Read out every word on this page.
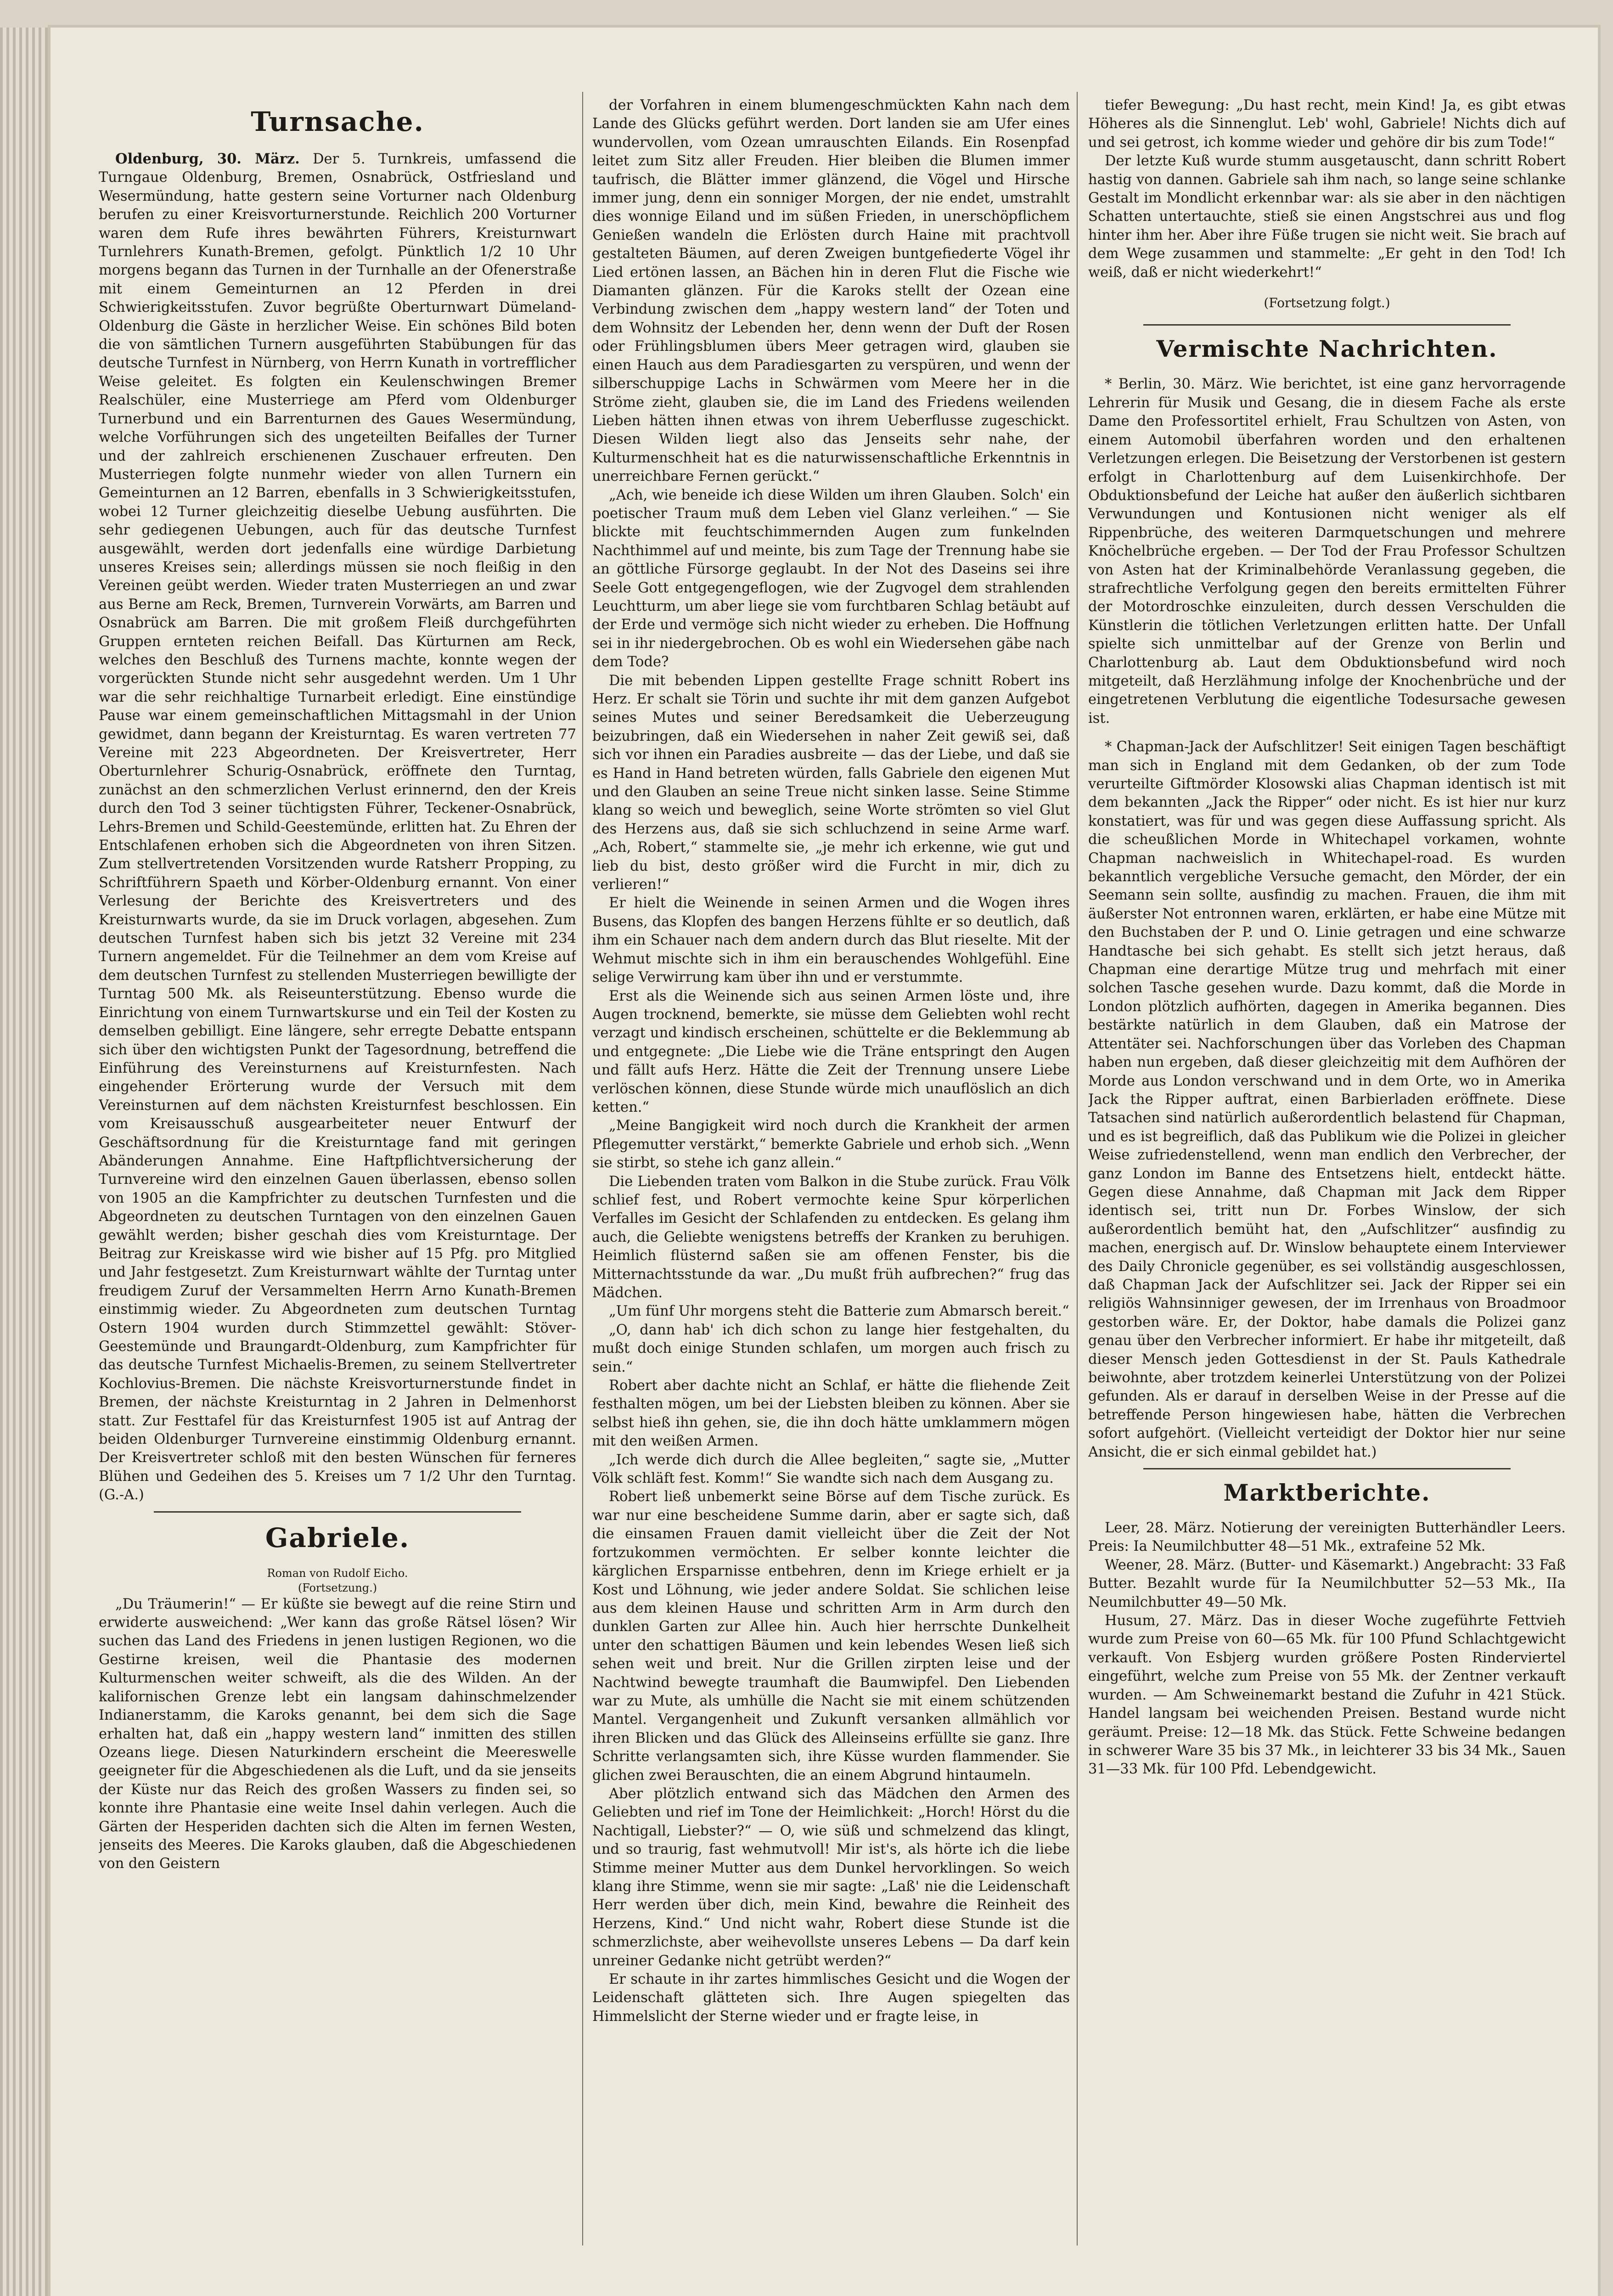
Turnsache.

Oldenburg, 30. März. Der 5. Turnkreis, umfassend die Turngaue Oldenburg, Bremen, Osnabrück, Ostfriesland und Wesermündung, hatte gestern seine Vorturner nach Oldenburg berufen zu einer Kreisvorturnerstunde. Reichlich 200 Vorturner waren dem Rufe ihres bewährten Führers, Kreisturnwart Turnlehrers Kunath-Bremen, gefolgt. Pünktlich 1/2 10 Uhr morgens begann das Turnen in der Turnhalle an der Ofenerstraße mit einem Gemeinturnen an 12 Pferden in drei Schwierigkeitsstufen. Zuvor begrüßte Oberturnwart Dümeland-Oldenburg die Gäste in herzlicher Weise. Ein schönes Bild boten die von sämtlichen Turnern ausgeführten Stabübungen für das deutsche Turnfest in Nürnberg, von Herrn Kunath in vortrefflicher Weise geleitet. Es folgten ein Keulenschwingen Bremer Realschüler, eine Musterriege am Pferd vom Oldenburger Turnerbund und ein Barrenturnen des Gaues Wesermündung, welche Vorführungen sich des ungeteilten Beifalles der Turner und der zahlreich erschienenen Zuschauer erfreuten. Den Musterriegen folgte nunmehr wieder von allen Turnern ein Gemeinturnen an 12 Barren, ebenfalls in 3 Schwierigkeitsstufen, wobei 12 Turner gleichzeitig dieselbe Uebung ausführten. Die sehr gediegenen Uebungen, auch für das deutsche Turnfest ausgewählt, werden dort jedenfalls eine würdige Darbietung unseres Kreises sein; allerdings müssen sie noch fleißig in den Vereinen geübt werden. Wieder traten Musterriegen an und zwar aus Berne am Reck, Bremen, Turnverein Vorwärts, am Barren und Osnabrück am Barren. Die mit großem Fleiß durchgeführten Gruppen ernteten reichen Beifall. Das Kürturnen am Reck, welches den Beschluß des Turnens machte, konnte wegen der vorgerückten Stunde nicht sehr ausgedehnt werden. Um 1 Uhr war die sehr reichhaltige Turnarbeit erledigt. Eine einstündige Pause war einem gemeinschaftlichen Mittagsmahl in der Union gewidmet, dann begann der Kreisturntag. Es waren vertreten 77 Vereine mit 223 Abgeordneten. Der Kreisvertreter, Herr Oberturnlehrer Schurig-Osnabrück, eröffnete den Turntag, zunächst an den schmerzlichen Verlust erinnernd, den der Kreis durch den Tod 3 seiner tüchtigsten Führer, Teckener-Osnabrück, Lehrs-Bremen und Schild-Geestemünde, erlitten hat. Zu Ehren der Entschlafenen erhoben sich die Abgeordneten von ihren Sitzen. Zum stellvertretenden Vorsitzenden wurde Ratsherr Propping, zu Schriftführern Spaeth und Körber-Oldenburg ernannt. Von einer Verlesung der Berichte des Kreisvertreters und des Kreisturnwarts wurde, da sie im Druck vorlagen, abgesehen. Zum deutschen Turnfest haben sich bis jetzt 32 Vereine mit 234 Turnern angemeldet. Für die Teilnehmer an dem vom Kreise auf dem deutschen Turnfest zu stellenden Musterriegen bewilligte der Turntag 500 Mk. als Reiseunterstützung. Ebenso wurde die Einrichtung von einem Turnwartskurse und ein Teil der Kosten zu demselben gebilligt. Eine längere, sehr erregte Debatte entspann sich über den wichtigsten Punkt der Tagesordnung, betreffend die Einführung des Vereinsturnens auf Kreisturnfesten. Nach eingehender Erörterung wurde der Versuch mit dem Vereinsturnen auf dem nächsten Kreisturnfest beschlossen. Ein vom Kreisausschuß ausgearbeiteter neuer Entwurf der Geschäftsordnung für die Kreisturntage fand mit geringen Abänderungen Annahme. Eine Haftpflichtversicherung der Turnvereine wird den einzelnen Gauen überlassen, ebenso sollen von 1905 an die Kampfrichter zu deutschen Turnfesten und die Abgeordneten zu deutschen Turntagen von den einzelnen Gauen gewählt werden; bisher geschah dies vom Kreisturntage. Der Beitrag zur Kreiskasse wird wie bisher auf 15 Pfg. pro Mitglied und Jahr festgesetzt. Zum Kreisturnwart wählte der Turntag unter freudigem Zuruf der Versammelten Herrn Arno Kunath-Bremen einstimmig wieder. Zu Abgeordneten zum deutschen Turntag Ostern 1904 wurden durch Stimmzettel gewählt: Stöver-Geestemünde und Braungardt-Oldenburg, zum Kampfrichter für das deutsche Turnfest Michaelis-Bremen, zu seinem Stellvertreter Kochlovius-Bremen. Die nächste Kreisvorturnerstunde findet in Bremen, der nächste Kreisturntag in 2 Jahren in Delmenhorst statt. Zur Festtafel für das Kreisturnfest 1905 ist auf Antrag der beiden Oldenburger Turnvereine einstimmig Oldenburg ernannt. Der Kreisvertreter schloß mit den besten Wünschen für ferneres Blühen und Gedeihen des 5. Kreises um 7 1/2 Uhr den Turntag. (G.-A.)

Gabriele.

Roman von Rudolf Eicho.

(Fortsetzung.)

„Du Träumerin!“ — Er küßte sie bewegt auf die reine Stirn und erwiderte ausweichend: „Wer kann das große Rätsel lösen? Wir suchen das Land des Friedens in jenen lustigen Regionen, wo die Gestirne kreisen, weil die Phantasie des modernen Kulturmenschen weiter schweift, als die des Wilden. An der kalifornischen Grenze lebt ein langsam dahinschmelzender Indianerstamm, die Karoks genannt, bei dem sich die Sage erhalten hat, daß ein „happy western land“ inmitten des stillen Ozeans liege. Diesen Naturkindern erscheint die Meereswelle geeigneter für die Abgeschiedenen als die Luft, und da sie jenseits der Küste nur das Reich des großen Wassers zu finden sei, so konnte ihre Phantasie eine weite Insel dahin verlegen. Auch die Gärten der Hesperiden dachten sich die Alten im fernen Westen, jenseits des Meeres. Die Karoks glauben, daß die Abgeschiedenen von den Geistern

der Vorfahren in einem blumengeschmückten Kahn nach dem Lande des Glücks geführt werden. Dort landen sie am Ufer eines wundervollen, vom Ozean umrauschten Eilands. Ein Rosenpfad leitet zum Sitz aller Freuden. Hier bleiben die Blumen immer taufrisch, die Blätter immer glänzend, die Vögel und Hirsche immer jung, denn ein sonniger Morgen, der nie endet, umstrahlt dies wonnige Eiland und im süßen Frieden, in unerschöpflichem Genießen wandeln die Erlösten durch Haine mit prachtvoll gestalteten Bäumen, auf deren Zweigen buntgefiederte Vögel ihr Lied ertönen lassen, an Bächen hin in deren Flut die Fische wie Diamanten glänzen. Für die Karoks stellt der Ozean eine Verbindung zwischen dem „happy western land“ der Toten und dem Wohnsitz der Lebenden her, denn wenn der Duft der Rosen oder Frühlingsblumen übers Meer getragen wird, glauben sie einen Hauch aus dem Paradiesgarten zu verspüren, und wenn der silberschuppige Lachs in Schwärmen vom Meere her in die Ströme zieht, glauben sie, die im Land des Friedens weilenden Lieben hätten ihnen etwas von ihrem Ueberflusse zugeschickt. Diesen Wilden liegt also das Jenseits sehr nahe, der Kulturmenschheit hat es die naturwissenschaftliche Erkenntnis in unerreichbare Fernen gerückt.“

„Ach, wie beneide ich diese Wilden um ihren Glauben. Solch' ein poetischer Traum muß dem Leben viel Glanz verleihen.“ — Sie blickte mit feuchtschimmernden Augen zum funkelnden Nachthimmel auf und meinte, bis zum Tage der Trennung habe sie an göttliche Fürsorge geglaubt. In der Not des Daseins sei ihre Seele Gott entgegengeflogen, wie der Zugvogel dem strahlenden Leuchtturm, um aber liege sie vom furchtbaren Schlag betäubt auf der Erde und vermöge sich nicht wieder zu erheben. Die Hoffnung sei in ihr niedergebrochen. Ob es wohl ein Wiedersehen gäbe nach dem Tode?

Die mit bebenden Lippen gestellte Frage schnitt Robert ins Herz. Er schalt sie Törin und suchte ihr mit dem ganzen Aufgebot seines Mutes und seiner Beredsamkeit die Ueberzeugung beizubringen, daß ein Wiedersehen in naher Zeit gewiß sei, daß sich vor ihnen ein Paradies ausbreite — das der Liebe, und daß sie es Hand in Hand betreten würden, falls Gabriele den eigenen Mut und den Glauben an seine Treue nicht sinken lasse. Seine Stimme klang so weich und beweglich, seine Worte strömten so viel Glut des Herzens aus, daß sie sich schluchzend in seine Arme warf. „Ach, Robert,“ stammelte sie, „je mehr ich erkenne, wie gut und lieb du bist, desto größer wird die Furcht in mir, dich zu verlieren!“

Er hielt die Weinende in seinen Armen und die Wogen ihres Busens, das Klopfen des bangen Herzens fühlte er so deutlich, daß ihm ein Schauer nach dem andern durch das Blut rieselte. Mit der Wehmut mischte sich in ihm ein berauschendes Wohlgefühl. Eine selige Verwirrung kam über ihn und er verstummte.

Erst als die Weinende sich aus seinen Armen löste und, ihre Augen trocknend, bemerkte, sie müsse dem Geliebten wohl recht verzagt und kindisch erscheinen, schüttelte er die Beklemmung ab und entgegnete: „Die Liebe wie die Träne entspringt den Augen und fällt aufs Herz. Hätte die Zeit der Trennung unsere Liebe verlöschen können, diese Stunde würde mich unauflöslich an dich ketten.“

„Meine Bangigkeit wird noch durch die Krankheit der armen Pflegemutter verstärkt,“ bemerkte Gabriele und erhob sich. „Wenn sie stirbt, so stehe ich ganz allein.“

Die Liebenden traten vom Balkon in die Stube zurück. Frau Völk schlief fest, und Robert vermochte keine Spur körperlichen Verfalles im Gesicht der Schlafenden zu entdecken. Es gelang ihm auch, die Geliebte wenigstens betreffs der Kranken zu beruhigen. Heimlich flüsternd saßen sie am offenen Fenster, bis die Mitternachtsstunde da war. „Du mußt früh aufbrechen?“ frug das Mädchen.

„Um fünf Uhr morgens steht die Batterie zum Abmarsch bereit.“

„O, dann hab' ich dich schon zu lange hier festgehalten, du mußt doch einige Stunden schlafen, um morgen auch frisch zu sein.“

Robert aber dachte nicht an Schlaf, er hätte die fliehende Zeit festhalten mögen, um bei der Liebsten bleiben zu können. Aber sie selbst hieß ihn gehen, sie, die ihn doch hätte umklammern mögen mit den weißen Armen.

„Ich werde dich durch die Allee begleiten,“ sagte sie, „Mutter Völk schläft fest. Komm!“ Sie wandte sich nach dem Ausgang zu.

Robert ließ unbemerkt seine Börse auf dem Tische zurück. Es war nur eine bescheidene Summe darin, aber er sagte sich, daß die einsamen Frauen damit vielleicht über die Zeit der Not fortzukommen vermöchten. Er selber konnte leichter die kärglichen Ersparnisse entbehren, denn im Kriege erhielt er ja Kost und Löhnung, wie jeder andere Soldat. Sie schlichen leise aus dem kleinen Hause und schritten Arm in Arm durch den dunklen Garten zur Allee hin. Auch hier herrschte Dunkelheit unter den schattigen Bäumen und kein lebendes Wesen ließ sich sehen weit und breit. Nur die Grillen zirpten leise und der Nachtwind bewegte traumhaft die Baumwipfel. Den Liebenden war zu Mute, als umhülle die Nacht sie mit einem schützenden Mantel. Vergangenheit und Zukunft versanken allmählich vor ihren Blicken und das Glück des Alleinseins erfüllte sie ganz. Ihre Schritte verlangsamten sich, ihre Küsse wurden flammender. Sie glichen zwei Berauschten, die an einem Abgrund hintaumeln.

Aber plötzlich entwand sich das Mädchen den Armen des Geliebten und rief im Tone der Heimlichkeit: „Horch! Hörst du die Nachtigall, Liebster?“ — O, wie süß und schmelzend das klingt, und so traurig, fast wehmutvoll! Mir ist's, als hörte ich die liebe Stimme meiner Mutter aus dem Dunkel hervorklingen. So weich klang ihre Stimme, wenn sie mir sagte: „Laß' nie die Leidenschaft Herr werden über dich, mein Kind, bewahre die Reinheit des Herzens, Kind.“ Und nicht wahr, Robert diese Stunde ist die schmerzlichste, aber weihevollste unseres Lebens — Da darf kein unreiner Gedanke nicht getrübt werden?“

Er schaute in ihr zartes himmlisches Gesicht und die Wogen der Leidenschaft glätteten sich. Ihre Augen spiegelten das Himmelslicht der Sterne wieder und er fragte leise, in

tiefer Bewegung: „Du hast recht, mein Kind! Ja, es gibt etwas Höheres als die Sinnenglut. Leb' wohl, Gabriele! Nichts dich auf und sei getrost, ich komme wieder und gehöre dir bis zum Tode!“

Der letzte Kuß wurde stumm ausgetauscht, dann schritt Robert hastig von dannen. Gabriele sah ihm nach, so lange seine schlanke Gestalt im Mondlicht erkennbar war: als sie aber in den nächtigen Schatten untertauchte, stieß sie einen Angstschrei aus und flog hinter ihm her. Aber ihre Füße trugen sie nicht weit. Sie brach auf dem Wege zusammen und stammelte: „Er geht in den Tod! Ich weiß, daß er nicht wiederkehrt!“

(Fortsetzung folgt.)

Vermischte Nachrichten.

* Berlin, 30. März. Wie berichtet, ist eine ganz hervorragende Lehrerin für Musik und Gesang, die in diesem Fache als erste Dame den Professortitel erhielt, Frau Schultzen von Asten, von einem Automobil überfahren worden und den erhaltenen Verletzungen erlegen. Die Beisetzung der Verstorbenen ist gestern erfolgt in Charlottenburg auf dem Luisenkirchhofe. Der Obduktionsbefund der Leiche hat außer den äußerlich sichtbaren Verwundungen und Kontusionen nicht weniger als elf Rippenbrüche, des weiteren Darmquetschungen und mehrere Knöchelbrüche ergeben. — Der Tod der Frau Professor Schultzen von Asten hat der Kriminalbehörde Veranlassung gegeben, die strafrechtliche Verfolgung gegen den bereits ermittelten Führer der Motordroschke einzuleiten, durch dessen Verschulden die Künstlerin die tötlichen Verletzungen erlitten hatte. Der Unfall spielte sich unmittelbar auf der Grenze von Berlin und Charlottenburg ab. Laut dem Obduktionsbefund wird noch mitgeteilt, daß Herzlähmung infolge der Knochenbrüche und der eingetretenen Verblutung die eigentliche Todesursache gewesen ist.

* Chapman-Jack der Aufschlitzer! Seit einigen Tagen beschäftigt man sich in England mit dem Gedanken, ob der zum Tode verurteilte Giftmörder Klosowski alias Chapman identisch ist mit dem bekannten „Jack the Ripper“ oder nicht. Es ist hier nur kurz konstatiert, was für und was gegen diese Auffassung spricht. Als die scheußlichen Morde in Whitechapel vorkamen, wohnte Chapman nachweislich in Whitechapel-road. Es wurden bekanntlich vergebliche Versuche gemacht, den Mörder, der ein Seemann sein sollte, ausfindig zu machen. Frauen, die ihm mit äußerster Not entronnen waren, erklärten, er habe eine Mütze mit den Buchstaben der P. und O. Linie getragen und eine schwarze Handtasche bei sich gehabt. Es stellt sich jetzt heraus, daß Chapman eine derartige Mütze trug und mehrfach mit einer solchen Tasche gesehen wurde. Dazu kommt, daß die Morde in London plötzlich aufhörten, dagegen in Amerika begannen. Dies bestärkte natürlich in dem Glauben, daß ein Matrose der Attentäter sei. Nachforschungen über das Vorleben des Chapman haben nun ergeben, daß dieser gleichzeitig mit dem Aufhören der Morde aus London verschwand und in dem Orte, wo in Amerika Jack the Ripper auftrat, einen Barbierladen eröffnete. Diese Tatsachen sind natürlich außerordentlich belastend für Chapman, und es ist begreiflich, daß das Publikum wie die Polizei in gleicher Weise zufriedenstellend, wenn man endlich den Verbrecher, der ganz London im Banne des Entsetzens hielt, entdeckt hätte. Gegen diese Annahme, daß Chapman mit Jack dem Ripper identisch sei, tritt nun Dr. Forbes Winslow, der sich außerordentlich bemüht hat, den „Aufschlitzer“ ausfindig zu machen, energisch auf. Dr. Winslow behauptete einem Interviewer des Daily Chronicle gegenüber, es sei vollständig ausgeschlossen, daß Chapman Jack der Aufschlitzer sei. Jack der Ripper sei ein religiös Wahnsinniger gewesen, der im Irrenhaus von Broadmoor gestorben wäre. Er, der Doktor, habe damals die Polizei ganz genau über den Verbrecher informiert. Er habe ihr mitgeteilt, daß dieser Mensch jeden Gottesdienst in der St. Pauls Kathedrale beiwohnte, aber trotzdem keinerlei Unterstützung von der Polizei gefunden. Als er darauf in derselben Weise in der Presse auf die betreffende Person hingewiesen habe, hätten die Verbrechen sofort aufgehört. (Vielleicht verteidigt der Doktor hier nur seine Ansicht, die er sich einmal gebildet hat.)

Marktberichte.

Leer, 28. März. Notierung der vereinigten Butterhändler Leers. Preis: Ia Neumilchbutter 48—51 Mk., extrafeine 52 Mk.

Weener, 28. März. (Butter- und Käsemarkt.) Angebracht: 33 Faß Butter. Bezahlt wurde für Ia Neumilchbutter 52—53 Mk., IIa Neumilchbutter 49—50 Mk.

Husum, 27. März. Das in dieser Woche zugeführte Fettvieh wurde zum Preise von 60—65 Mk. für 100 Pfund Schlachtgewicht verkauft. Von Esbjerg wurden größere Posten Rinderviertel eingeführt, welche zum Preise von 55 Mk. der Zentner verkauft wurden. — Am Schweinemarkt bestand die Zufuhr in 421 Stück. Handel langsam bei weichenden Preisen. Bestand wurde nicht geräumt. Preise: 12—18 Mk. das Stück. Fette Schweine bedangen in schwerer Ware 35 bis 37 Mk., in leichterer 33 bis 34 Mk., Sauen 31—33 Mk. für 100 Pfd. Lebendgewicht.
